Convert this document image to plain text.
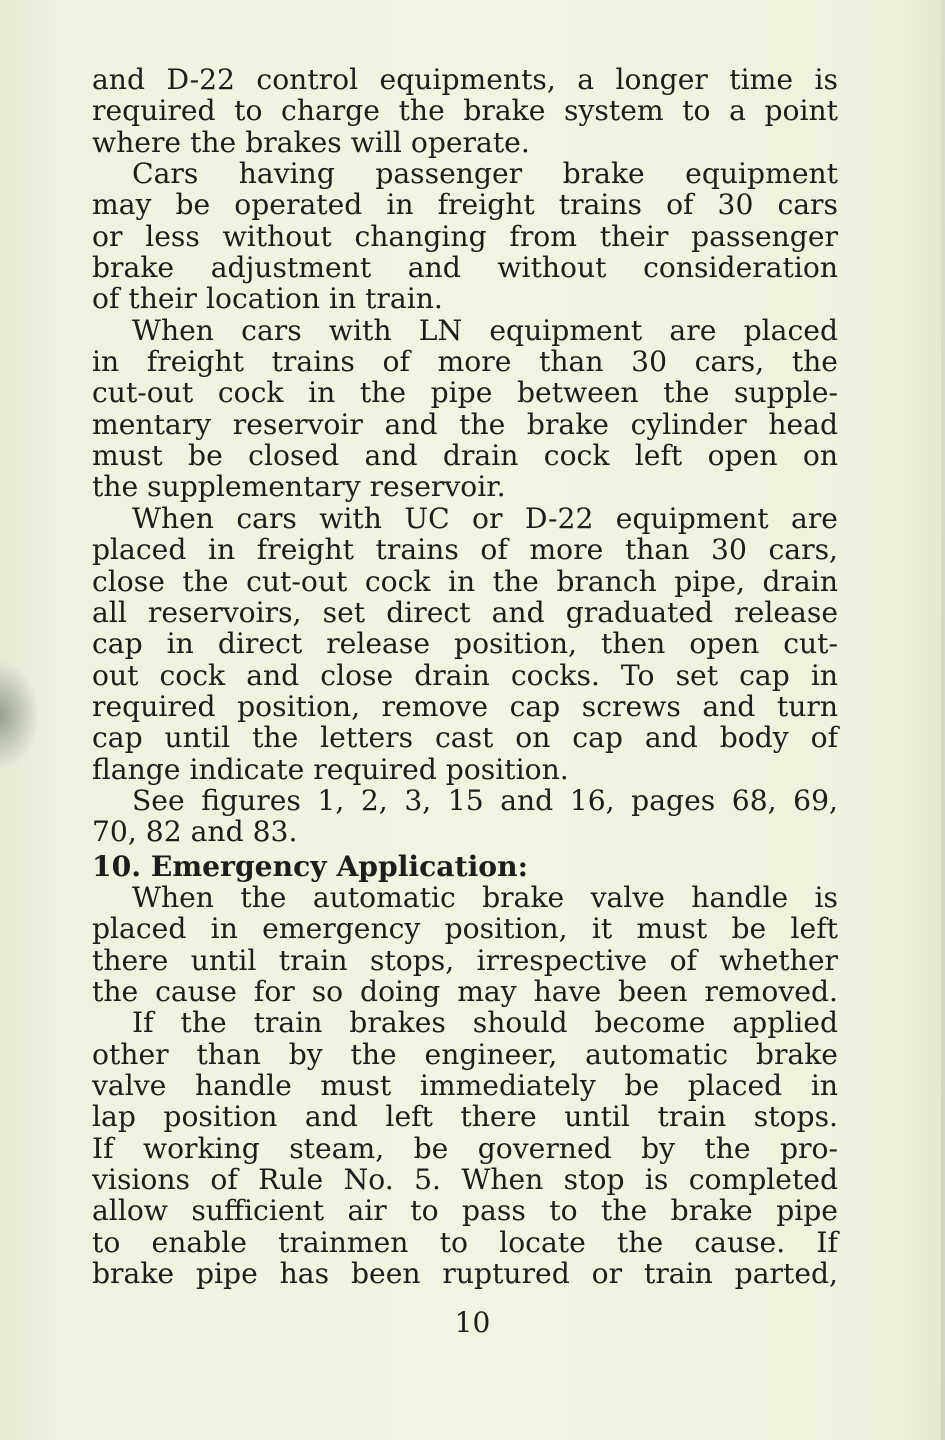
and D-22 control equipments, a longer time is
required to charge the brake system to a point
where the brakes will operate.
Cars having passenger brake equipment
may be operated in freight trains of 30 cars
or less without changing from their passenger
brake adjustment and without consideration
of their location in train.
When cars with LN equipment are placed
in freight trains of more than 30 cars, the
cut-out cock in the pipe between the supple-
mentary reservoir and the brake cylinder head
must be closed and drain cock left open on
the supplementary reservoir.
When cars with UC or D-22 equipment are
placed in freight trains of more than 30 cars,
close the cut-out cock in the branch pipe, drain
all reservoirs, set direct and graduated release
cap in direct release position, then open cut-
out cock and close drain cocks. To set cap in
required position, remove cap screws and turn
cap until the letters cast on cap and body of
flange indicate required position.
See figures 1, 2, 3, 15 and 16, pages 68, 69,
70, 82 and 83.
10. Emergency Application:
When the automatic brake valve handle is
placed in emergency position, it must be left
there until train stops, irrespective of whether
the cause for so doing may have been removed.
If the train brakes should become applied
other than by the engineer, automatic brake
valve handle must immediately be placed in
lap position and left there until train stops.
If working steam, be governed by the pro-
visions of Rule No. 5. When stop is completed
allow sufficient air to pass to the brake pipe
to enable trainmen to locate the cause. If
brake pipe has been ruptured or train parted,
10
